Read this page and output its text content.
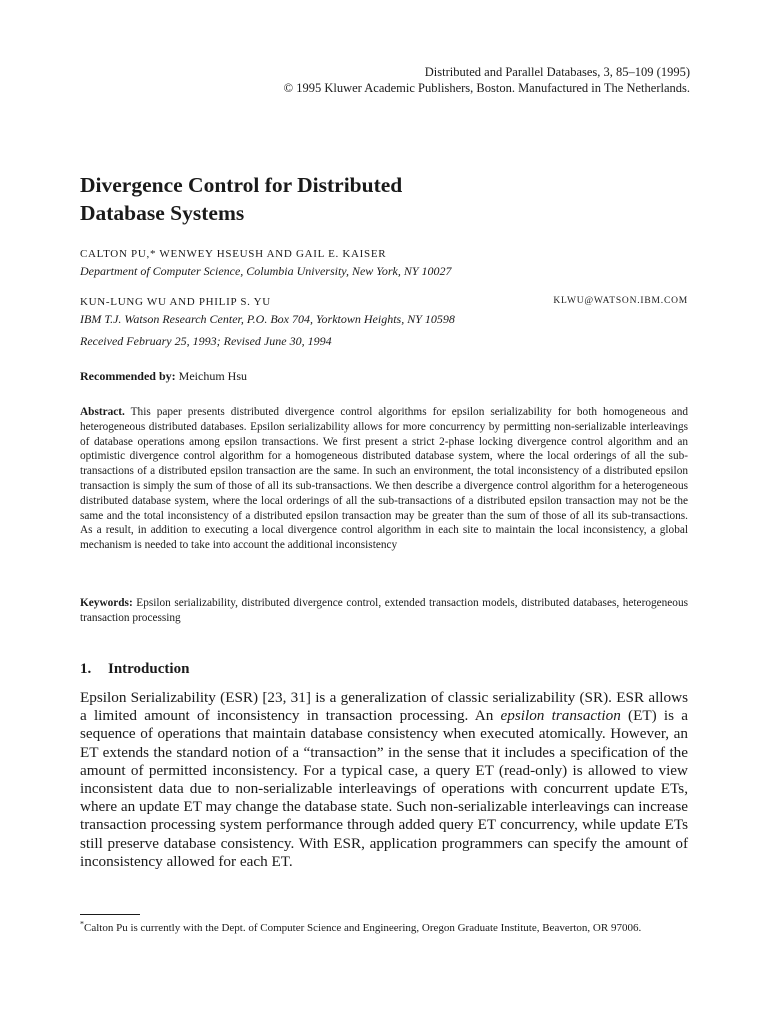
Distributed and Parallel Databases, 3, 85–109 (1995)
© 1995 Kluwer Academic Publishers, Boston. Manufactured in The Netherlands.
Divergence Control for Distributed
Database Systems
CALTON PU,* WENWEY HSEUSH AND GAIL E. KAISER
Department of Computer Science, Columbia University, New York, NY 10027
KUN-LUNG WU AND PHILIP S. YU	KLWU@WATSON.IBM.COM
IBM T.J. Watson Research Center, P.O. Box 704, Yorktown Heights, NY 10598
Received February 25, 1993; Revised June 30, 1994
Recommended by: Meichum Hsu

Abstract. This paper presents distributed divergence control algorithms for epsilon serializability for both homogeneous and heterogeneous distributed databases. Epsilon serializability allows for more concurrency by permitting non-serializable interleavings of database operations among epsilon transactions. We first present a strict 2-phase locking divergence control algorithm and an optimistic divergence control algorithm for a homogeneous distributed database system, where the local orderings of all the sub-transactions of a distributed epsilon transaction are the same. In such an environment, the total inconsistency of a distributed epsilon transaction is simply the sum of those of all its sub-transactions. We then describe a divergence control algorithm for a heterogeneous distributed database system, where the local orderings of all the sub-transactions of a distributed epsilon transaction may not be the same and the total inconsistency of a distributed epsilon transaction may be greater than the sum of those of all its sub-transactions. As a result, in addition to executing a local divergence control algorithm in each site to maintain the local inconsistency, a global mechanism is needed to take into account the additional inconsistency

Keywords: Epsilon serializability, distributed divergence control, extended transaction models, distributed databases, heterogeneous transaction processing

1. Introduction

Epsilon Serializability (ESR) [23, 31] is a generalization of classic serializability (SR). ESR allows a limited amount of inconsistency in transaction processing. An epsilon transaction (ET) is a sequence of operations that maintain database consistency when executed atomically. However, an ET extends the standard notion of a “transaction” in the sense that it includes a specification of the amount of permitted inconsistency. For a typical case, a query ET (read-only) is allowed to view inconsistent data due to non-serializable interleavings of operations with concurrent update ETs, where an update ET may change the database state. Such non-serializable interleavings can increase transaction processing system performance through added query ET concurrency, while update ETs still preserve database consistency. With ESR, application programmers can specify the amount of inconsistency allowed for each ET.

*Calton Pu is currently with the Dept. of Computer Science and Engineering, Oregon Graduate Institute, Beaverton, OR 97006.
